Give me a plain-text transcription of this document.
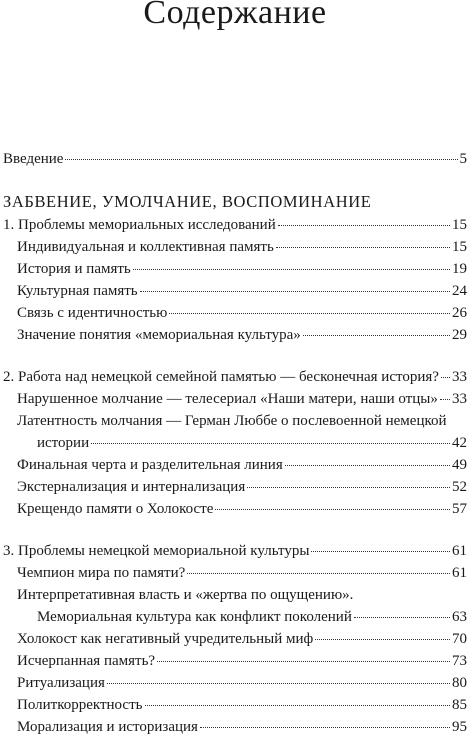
Содержание
Введение	5
ЗАБВЕНИЕ, УМОЛЧАНИЕ, ВОСПОМИНАНИЕ
1. Проблемы мемориальных исследований	15
Индивидуальная и коллективная память	15
История и память	19
Культурная память	24
Связь с идентичностью	26
Значение понятия «мемориальная культура»	29
2. Работа над немецкой семейной памятью — бесконечная история? 33
Нарушенное молчание — телесериал «Наши матери, наши отцы» 33
Латентность молчания — Герман Люббе о послевоенной немецкой
истории	42
Финальная черта и разделительная линия	49
Экстернализация и интернализация	52
Крещендо памяти о Холокосте	57
3. Проблемы немецкой мемориальной культуры	61
Чемпион мира по памяти?	61
Интерпретативная власть и «жертва по ощущению».
Мемориальная культура как конфликт поколений	63
Холокост как негативный учредительный миф	70
Исчерпанная память?	73
Ритуализация	80
Политкорректность	85
Морализация и историзация	95
